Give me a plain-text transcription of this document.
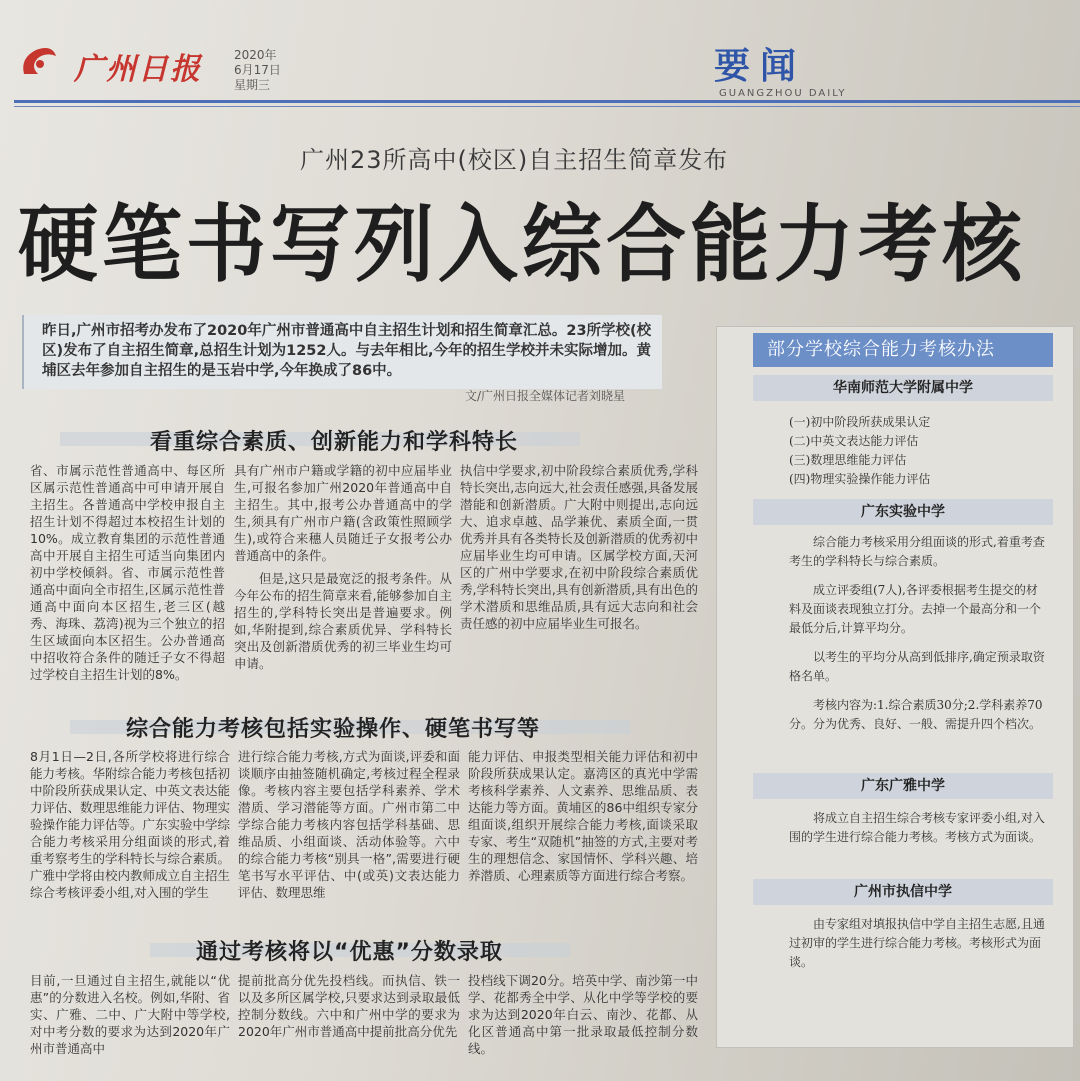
广州日报	2020年
6月17日
星期三	要闻
GUANGZHOU DAILY
广州23所高中(校区)自主招生简章发布
硬笔书写列入综合能力考核

昨日,广州市招考办发布了2020年广州市普通高中自主招生计划和招生简章汇总。23所学校(校区)发布了自主招生简章,总招生计划为1252人。与去年相比,今年的招生学校并未实际增加。黄埔区去年参加自主招生的是玉岩中学,今年换成了86中。

文/广州日报全媒体记者刘晓星
看重综合素质、创新能力和学科特长

省、市属示范性普通高中、每区所区属示范性普通高中可申请开展自主招生。各普通高中学校申报自主招生计划不得超过本校招生计划的10%。成立教育集团的示范性普通高中开展自主招生可适当向集团内初中学校倾斜。省、市属示范性普通高中面向全市招生,区属示范性普通高中面向本区招生,老三区(越秀、海珠、荔湾)视为三个独立的招生区域面向本区招生。公办普通高中招收符合条件的随迁子女不得超过学校自主招生计划的8%。

具有广州市户籍或学籍的初中应届毕业生,可报名参加广州2020年普通高中自主招生。其中,报考公办普通高中的学生,须具有广州市户籍(含政策性照顾学生),或符合来穗人员随迁子女报考公办普通高中的条件。

但是,这只是最宽泛的报考条件。从今年公布的招生简章来看,能够参加自主招生的,学科特长突出是普遍要求。例如,华附提到,综合素质优异、学科特长突出及创新潜质优秀的初三毕业生均可申请。

执信中学要求,初中阶段综合素质优秀,学科特长突出,志向远大,社会责任感强,具备发展潜能和创新潜质。广大附中则提出,志向远大、追求卓越、品学兼优、素质全面,一贯优秀并具有各类特长及创新潜质的优秀初中应届毕业生均可申请。区属学校方面,天河区的广州中学要求,在初中阶段综合素质优秀,学科特长突出,具有创新潜质,具有出色的学术潜质和思维品质,具有远大志向和社会责任感的初中应届毕业生可报名。

综合能力考核包括实验操作、硬笔书写等

8月1日—2日,各所学校将进行综合能力考核。华附综合能力考核包括初中阶段所获成果认定、中英文表达能力评估、数理思维能力评估、物理实验操作能力评估等。广东实验中学综合能力考核采用分组面谈的形式,着重考察考生的学科特长与综合素质。广雅中学将由校内教师成立自主招生综合考核评委小组,对入围的学生

进行综合能力考核,方式为面谈,评委和面谈顺序由抽签随机确定,考核过程全程录像。考核内容主要包括学科素养、学术潜质、学习潜能等方面。广州市第二中学综合能力考核内容包括学科基础、思维品质、小组面谈、活动体验等。六中的综合能力考核“别具一格”,需要进行硬笔书写水平评估、中(或英)文表达能力评估、数理思维

能力评估、申报类型相关能力评估和初中阶段所获成果认定。嘉湾区的真光中学需考核科学素养、人文素养、思维品质、表达能力等方面。黄埔区的86中组织专家分组面谈,组织开展综合能力考核,面谈采取专家、考生“双随机”抽签的方式,主要对考生的理想信念、家国情怀、学科兴趣、培养潜质、心理素质等方面进行综合考察。

通过考核将以“优惠”分数录取

目前,一旦通过自主招生,就能以“优惠”的分数进入名校。例如,华附、省实、广雅、二中、广大附中等学校,对中考分数的要求为达到2020年广州市普通高中

提前批高分优先投档线。而执信、铁一以及多所区属学校,只要求达到录取最低控制分数线。六中和广州中学的要求为2020年广州市普通高中提前批高分优先

投档线下调20分。培英中学、南沙第一中学、花都秀全中学、从化中学等学校的要求为达到2020年白云、南沙、花都、从化区普通高中第一批录取最低控制分数线。

部分学校综合能力考核办法
华南师范大学附属中学
(一)初中阶段所获成果认定
(二)中英文表达能力评估
(三)数理思维能力评估
(四)物理实验操作能力评估
广东实验中学

综合能力考核采用分组面谈的形式,着重考查考生的学科特长与综合素质。

成立评委组(7人),各评委根据考生提交的材料及面谈表现独立打分。去掉一个最高分和一个最低分后,计算平均分。

以考生的平均分从高到低排序,确定预录取资格名单。

考核内容为:1.综合素质30分;2.学科素养70分。分为优秀、良好、一般、需提升四个档次。

广东广雅中学

将成立自主招生综合考核专家评委小组,对入围的学生进行综合能力考核。考核方式为面谈。

广州市执信中学

由专家组对填报执信中学自主招生志愿,且通过初审的学生进行综合能力考核。考核形式为面谈。
